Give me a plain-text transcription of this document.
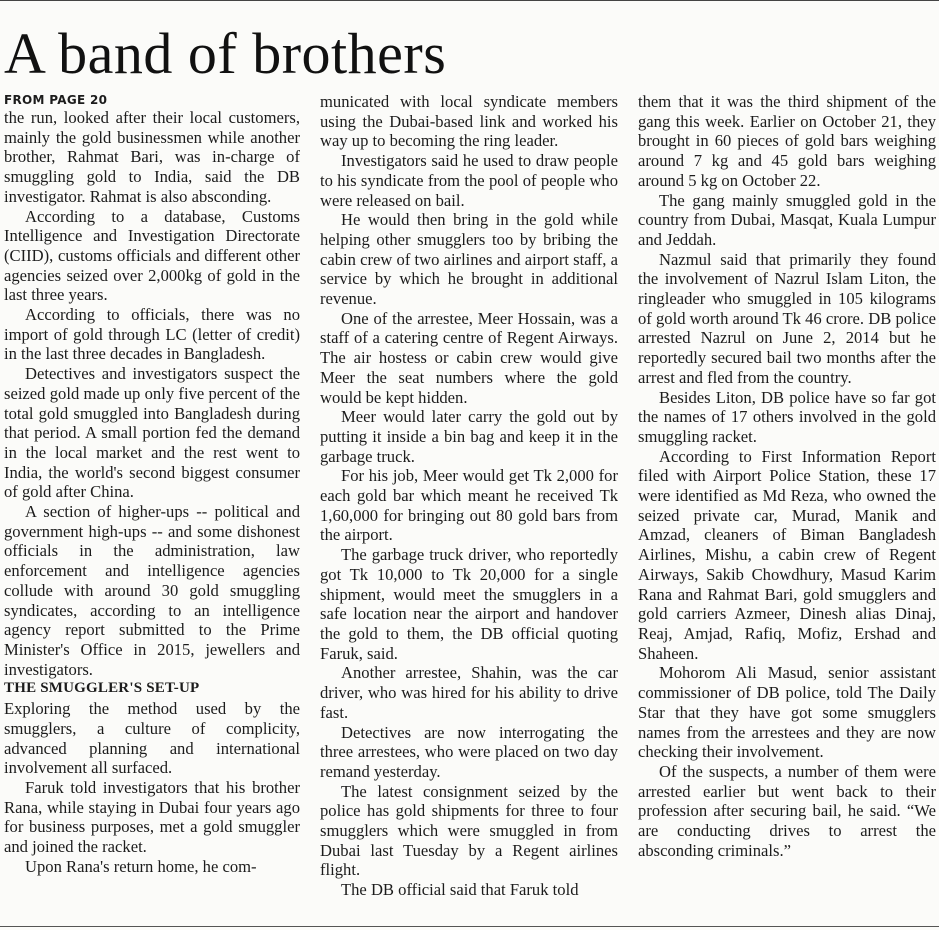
A band of brothers
FROM PAGE 20

the run, looked after their local customers, mainly the gold businessmen while another brother, Rahmat Bari, was in-charge of smuggling gold to India, said the DB investigator. Rahmat is also absconding.

According to a database, Customs Intelligence and Investigation Directorate (CIID), customs officials and different other agencies seized over 2,000kg of gold in the last three years.

According to officials, there was no import of gold through LC (letter of credit) in the last three decades in Bangladesh.

Detectives and investigators suspect the seized gold made up only five percent of the total gold smuggled into Bangladesh during that period. A small portion fed the demand in the local market and the rest went to India, the world's second biggest consumer of gold after China.

A section of higher-ups -- political and government high-ups -- and some dishonest officials in the administration, law enforcement and intelligence agencies collude with around 30 gold smuggling syndicates, according to an intelligence agency report submitted to the Prime Minister's Office in 2015, jewellers and investigators.

THE SMUGGLER'S SET-UP

Exploring the method used by the smugglers, a culture of complicity, advanced planning and international involvement all surfaced.

Faruk told investigators that his brother Rana, while staying in Dubai four years ago for business purposes, met a gold smuggler and joined the racket.

Upon Rana's return home, he com-

municated with local syndicate members using the Dubai-based link and worked his way up to becoming the ring leader.

Investigators said he used to draw people to his syndicate from the pool of people who were released on bail.

He would then bring in the gold while helping other smugglers too by bribing the cabin crew of two airlines and airport staff, a service by which he brought in additional revenue.

One of the arrestee, Meer Hossain, was a staff of a catering centre of Regent Airways. The air hostess or cabin crew would give Meer the seat numbers where the gold would be kept hidden.

Meer would later carry the gold out by putting it inside a bin bag and keep it in the garbage truck.

For his job, Meer would get Tk 2,000 for each gold bar which meant he received Tk 1,60,000 for bringing out 80 gold bars from the airport.

The garbage truck driver, who reportedly got Tk 10,000 to Tk 20,000 for a single shipment, would meet the smugglers in a safe location near the airport and handover the gold to them, the DB official quoting Faruk, said.

Another arrestee, Shahin, was the car driver, who was hired for his ability to drive fast.

Detectives are now interrogating the three arrestees, who were placed on two day remand yesterday.

The latest consignment seized by the police has gold shipments for three to four smugglers which were smuggled in from Dubai last Tuesday by a Regent airlines flight.

The DB official said that Faruk told

them that it was the third shipment of the gang this week. Earlier on October 21, they brought in 60 pieces of gold bars weighing around 7 kg and 45 gold bars weighing around 5 kg on October 22.

The gang mainly smuggled gold in the country from Dubai, Masqat, Kuala Lumpur and Jeddah.

Nazmul said that primarily they found the involvement of Nazrul Islam Liton, the ringleader who smuggled in 105 kilograms of gold worth around Tk 46 crore. DB police arrested Nazrul on June 2, 2014 but he reportedly secured bail two months after the arrest and fled from the country.

Besides Liton, DB police have so far got the names of 17 others involved in the gold smuggling racket.

According to First Information Report filed with Airport Police Station, these 17 were identified as Md Reza, who owned the seized private car, Murad, Manik and Amzad, cleaners of Biman Bangladesh Airlines, Mishu, a cabin crew of Regent Airways, Sakib Chowdhury, Masud Karim Rana and Rahmat Bari, gold smugglers and gold carriers Azmeer, Dinesh alias Dinaj, Reaj, Amjad, Rafiq, Mofiz, Ershad and Shaheen.

Mohorom Ali Masud, senior assistant commissioner of DB police, told The Daily Star that they have got some smugglers names from the arrestees and they are now checking their involvement.

Of the suspects, a number of them were arrested earlier but went back to their profession after securing bail, he said. “We are conducting drives to arrest the absconding criminals.”
